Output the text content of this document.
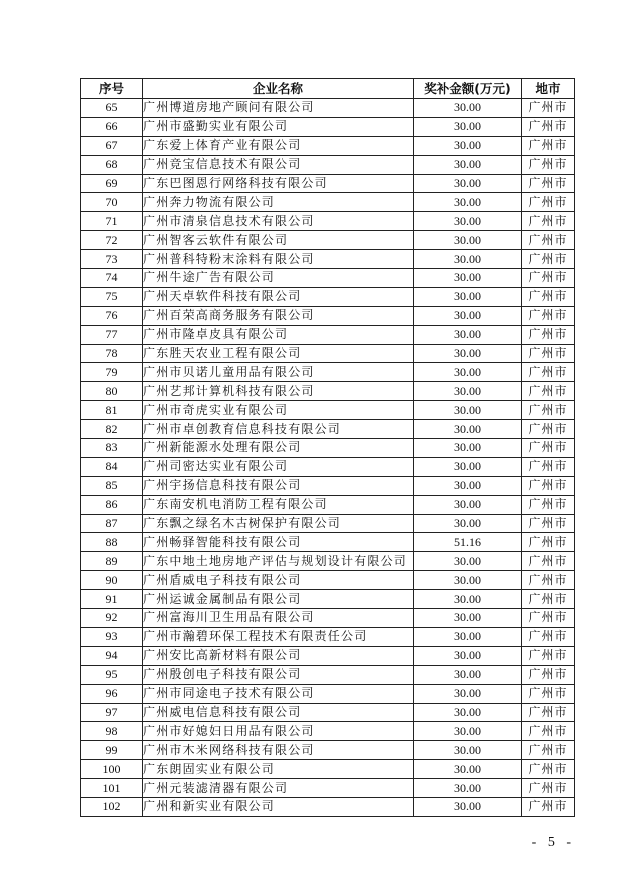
序号	企业名称	奖补金额(万元)	地市
65	广州博道房地产顾问有限公司	30.00	广州市
66	广州市盛勤实业有限公司	30.00	广州市
67	广东爱上体育产业有限公司	30.00	广州市
68	广州竞宝信息技术有限公司	30.00	广州市
69	广东巴图恩行网络科技有限公司	30.00	广州市
70	广州奔力物流有限公司	30.00	广州市
71	广州市清泉信息技术有限公司	30.00	广州市
72	广州智客云软件有限公司	30.00	广州市
73	广州普科特粉末涂料有限公司	30.00	广州市
74	广州牛途广告有限公司	30.00	广州市
75	广州天卓软件科技有限公司	30.00	广州市
76	广州百荣高商务服务有限公司	30.00	广州市
77	广州市隆卓皮具有限公司	30.00	广州市
78	广东胜天农业工程有限公司	30.00	广州市
79	广州市贝诺儿童用品有限公司	30.00	广州市
80	广州艺邦计算机科技有限公司	30.00	广州市
81	广州市奇虎实业有限公司	30.00	广州市
82	广州市卓创教育信息科技有限公司	30.00	广州市
83	广州新能源水处理有限公司	30.00	广州市
84	广州司密达实业有限公司	30.00	广州市
85	广州宇扬信息科技有限公司	30.00	广州市
86	广东南安机电消防工程有限公司	30.00	广州市
87	广东飘之绿名木古树保护有限公司	30.00	广州市
88	广州畅驿智能科技有限公司	51.16	广州市
89	广东中地土地房地产评估与规划设计有限公司	30.00	广州市
90	广州盾威电子科技有限公司	30.00	广州市
91	广州运诚金属制品有限公司	30.00	广州市
92	广州富海川卫生用品有限公司	30.00	广州市
93	广州市瀚碧环保工程技术有限责任公司	30.00	广州市
94	广州安比高新材料有限公司	30.00	广州市
95	广州殷创电子科技有限公司	30.00	广州市
96	广州市同途电子技术有限公司	30.00	广州市
97	广州威电信息科技有限公司	30.00	广州市
98	广州市好媳妇日用品有限公司	30.00	广州市
99	广州市木米网络科技有限公司	30.00	广州市
100	广东朗固实业有限公司	30.00	广州市
101	广州元装滤清器有限公司	30.00	广州市
102	广州和新实业有限公司	30.00	广州市
- 5 -
